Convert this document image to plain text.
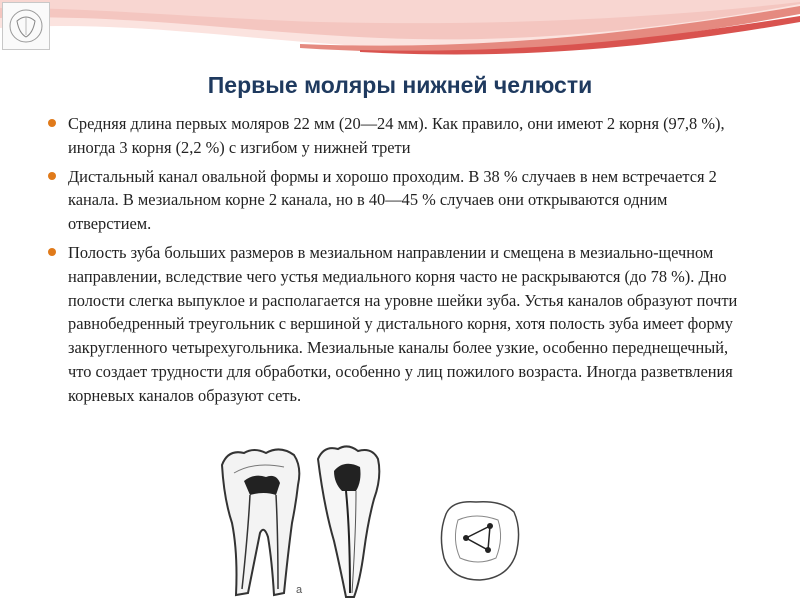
Первые моляры нижней челюсти
Средняя длина первых моляров 22 мм (20—24 мм). Как правило, они имеют 2 корня (97,8 %), иногда 3 корня (2,2 %) с изгибом у нижней трети
Дистальный канал овальной формы и хорошо проходим. В 38 % случаев в нем встречается 2 канала. В мезиальном корне 2 канала, но в 40—45 % случаев они открываются одним отверстием.
Полость зуба больших размеров в мезиальном направлении и смещена в мезиально-щечном направлении, вследствие чего устья медиального корня часто не раскрываются (до 78 %). Дно полости слегка выпуклое и располагается на уровне шейки зуба. Устья каналов образуют почти равнобедренный треугольник с вершиной у дистального корня, хотя полость зуба имеет форму закругленного четырехугольника. Мезиальные каналы более узкие, особенно переднещечный, что создает трудности для обработки, особенно у лиц пожилого возраста. Иногда разветвления корневых каналов образуют сеть.
а
